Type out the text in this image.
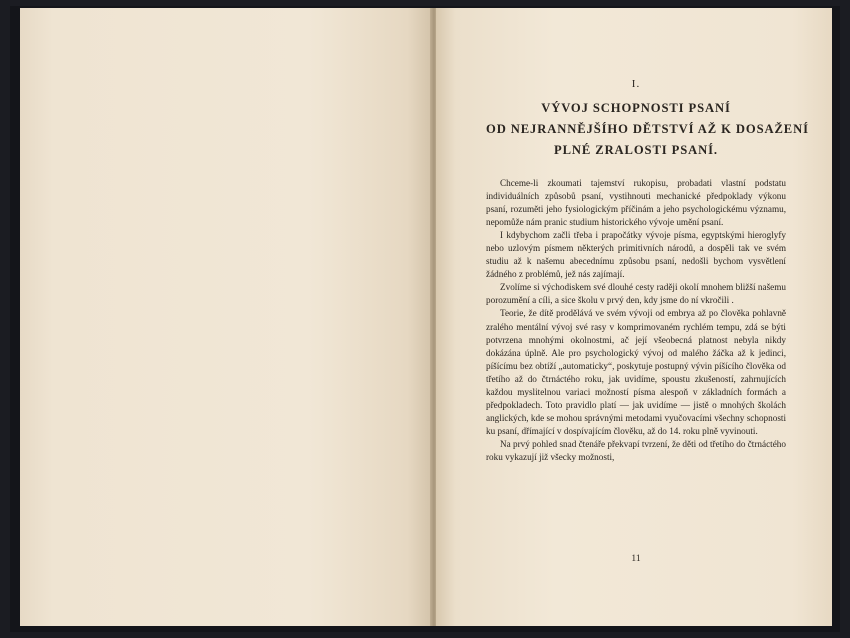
I.
VÝVOJ SCHOPNOSTI PSANÍ
OD NEJRANNĚJŠÍHO DĚTSTVÍ AŽ K DOSAŽENÍ
PLNÉ ZRALOSTI PSANÍ.

Chceme-li zkoumati tajemství rukopisu, probadati vlastní podstatu individuálních způsobů psaní, vystihnouti mechanické předpoklady výkonu psaní, rozuměti jeho fysiologickým příčinám a jeho psychologickému významu, nepomůže nám pranic studium historického vývoje umění psaní.

I kdybychom začli třeba i prapočátky vývoje písma, egyptskými hieroglyfy nebo uzlovým písmem některých primitivních národů, a dospěli tak ve svém studiu až k našemu abecednímu způsobu psaní, nedošli bychom vysvětlení žádného z problémů, jež nás zajímají.

Zvolíme si východiskem své dlouhé cesty raději okolí mnohem bližší našemu porozumění a cíli, a sice školu v prvý den, kdy jsme do ní vkročili .

Teorie, že dítě prodělává ve svém vývoji od embrya až po člověka pohlavně zralého mentální vývoj své rasy v komprimovaném rychlém tempu, zdá se býti potvrzena mnohými okolnostmi, ač její všeobecná platnost nebyla nikdy dokázána úplně. Ale pro psychologický vývoj od malého žáčka až k jedinci, píšícímu bez obtíží „automaticky“, poskytuje postupný vývin píšícího člověka od třetího až do čtrnáctého roku, jak uvidíme, spoustu zkušeností, zahrnujících každou myslitelnou variaci možností písma alespoň v základních formách a předpokladech. Toto pravidlo platí — jak uvidíme — jistě o mnohých školách anglických, kde se mohou správnými metodami vyučovacími všechny schopnosti ku psaní, dřímající v dospívajícím člověku, až do 14. roku plně vyvinouti.

Na prvý pohled snad čtenáře překvapí tvrzení, že děti od třetího do čtrnáctého roku vykazují již všecky možnosti,

11
